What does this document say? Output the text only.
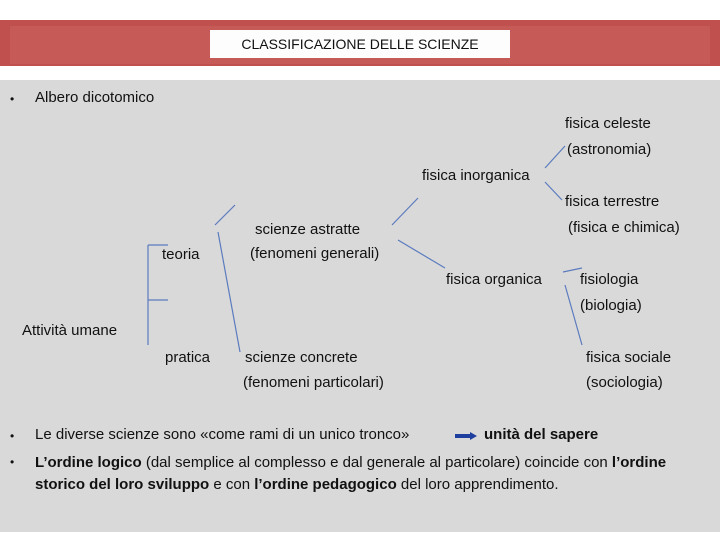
CLASSIFICAZIONE DELLE SCIENZE
• Albero dicotomico
Attività umane
teoria
pratica
scienze astratte
(fenomeni generali)
scienze concrete
(fenomeni particolari)
fisica inorganica
fisica organica
fisica celeste
(astronomia)
fisica terrestre
(fisica e chimica)
fisiologia
(biologia)
fisica sociale
(sociologia)
• Le diverse scienze sono «come rami di un unico tronco»	unità del sapere
• L’ordine logico (dal semplice al complesso e dal generale al particolare) coincide con l’ordine
storico del loro sviluppo e con l’ordine pedagogico del loro apprendimento.
